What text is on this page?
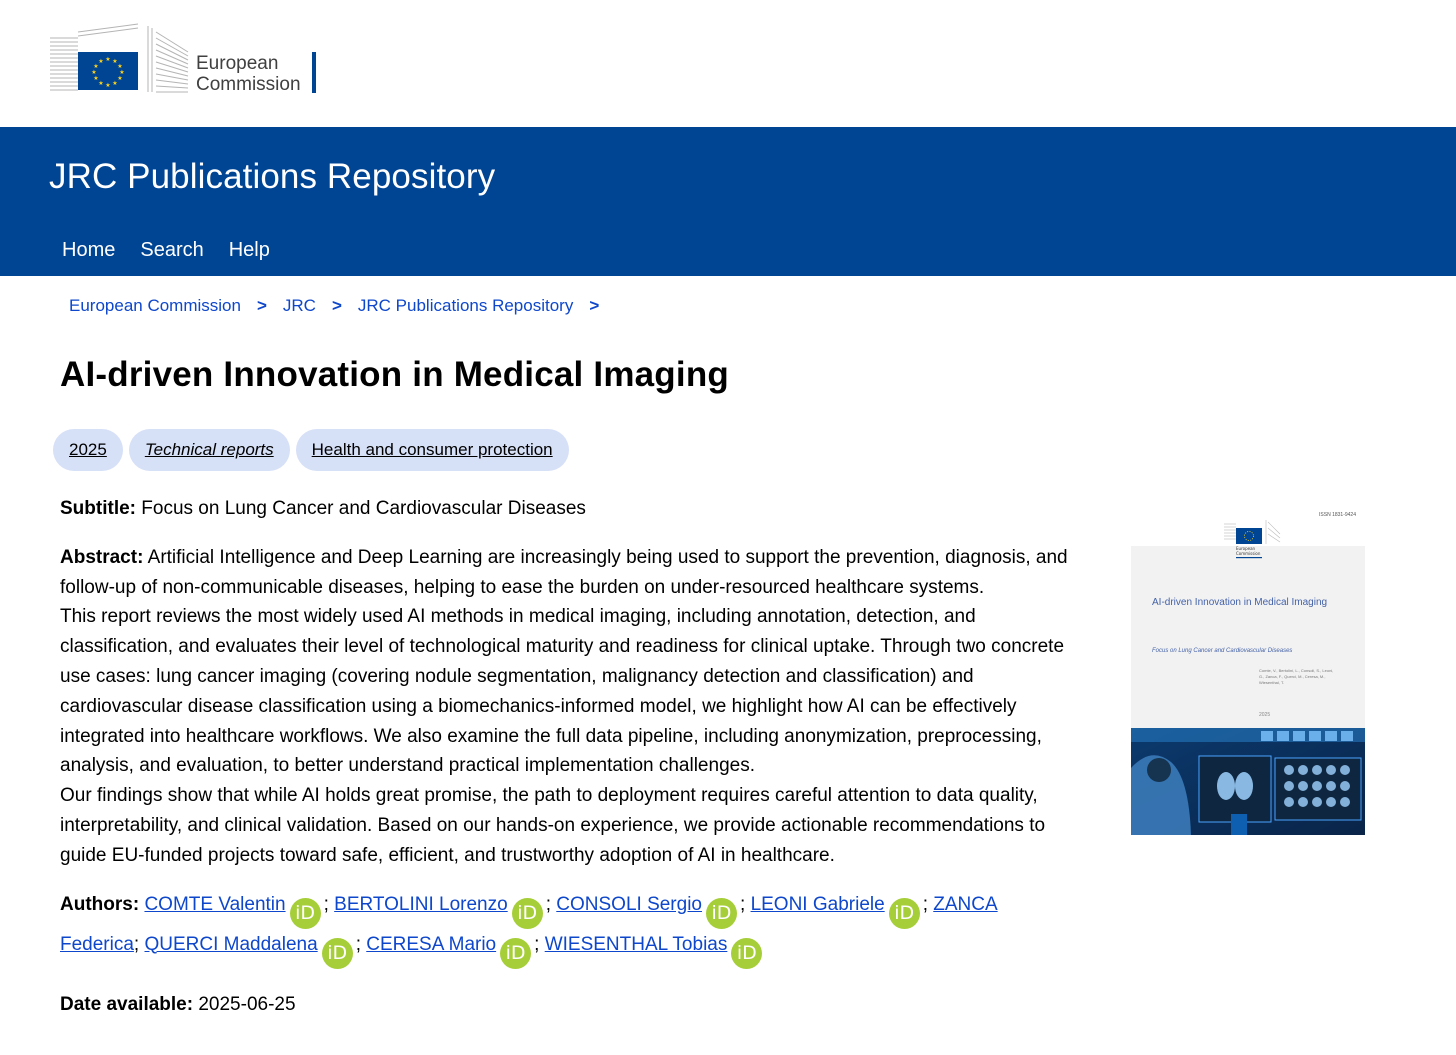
★ ★
★
★
★
★
★
★
★
★
★
★	European
Commission
JRC Publications Repository
Home Search Help
European Commission > JRC > JRC Publications Repository >
AI-driven Innovation in Medical Imaging
2025	Technical reports	Health and consumer protection

Subtitle: Focus on Lung Cancer and Cardiovascular Diseases

Abstract: Artificial Intelligence and Deep Learning are increasingly being used to support the prevention, diagnosis, and follow-up of non-communicable diseases, helping to ease the burden on under-resourced healthcare systems.

This report reviews the most widely used AI methods in medical imaging, including annotation, detection, and classification, and evaluates their level of technological maturity and readiness for clinical uptake. Through two concrete use cases: lung cancer imaging (covering nodule segmentation, malignancy detection and classification) and cardiovascular disease classification using a biomechanics-informed model, we highlight how AI can be effectively integrated into healthcare workflows. We also examine the full data pipeline, including anonymization, preprocessing, analysis, and evaluation, to better understand practical implementation challenges.

Our findings show that while AI holds great promise, the path to deployment requires careful attention to data quality, interpretability, and clinical validation. Based on our hands-on experience, we provide actionable recommendations to guide EU-funded projects toward safe, efficient, and trustworthy adoption of AI in healthcare.

Authors: COMTE Valentin iD ; BERTOLINI Lorenzo iD ; CONSOLI Sergio iD ; LEONI Gabriele iD ; ZANCA Federica; QUERCI Maddalena iD ; CERESA Mario iD ; WIESENTHAL Tobias iD

Date available: 2025-06-25

ISSN 1831-9424
European
Commission
AI-driven Innovation in Medical Imaging
Focus on Lung Cancer and Cardiovascular Diseases
Comte, V., Bertolini, L., Consoli, S., Leoni, G., Zanca, F., Querci, M., Ceresa, M., Wiesenthal, T.
2025
